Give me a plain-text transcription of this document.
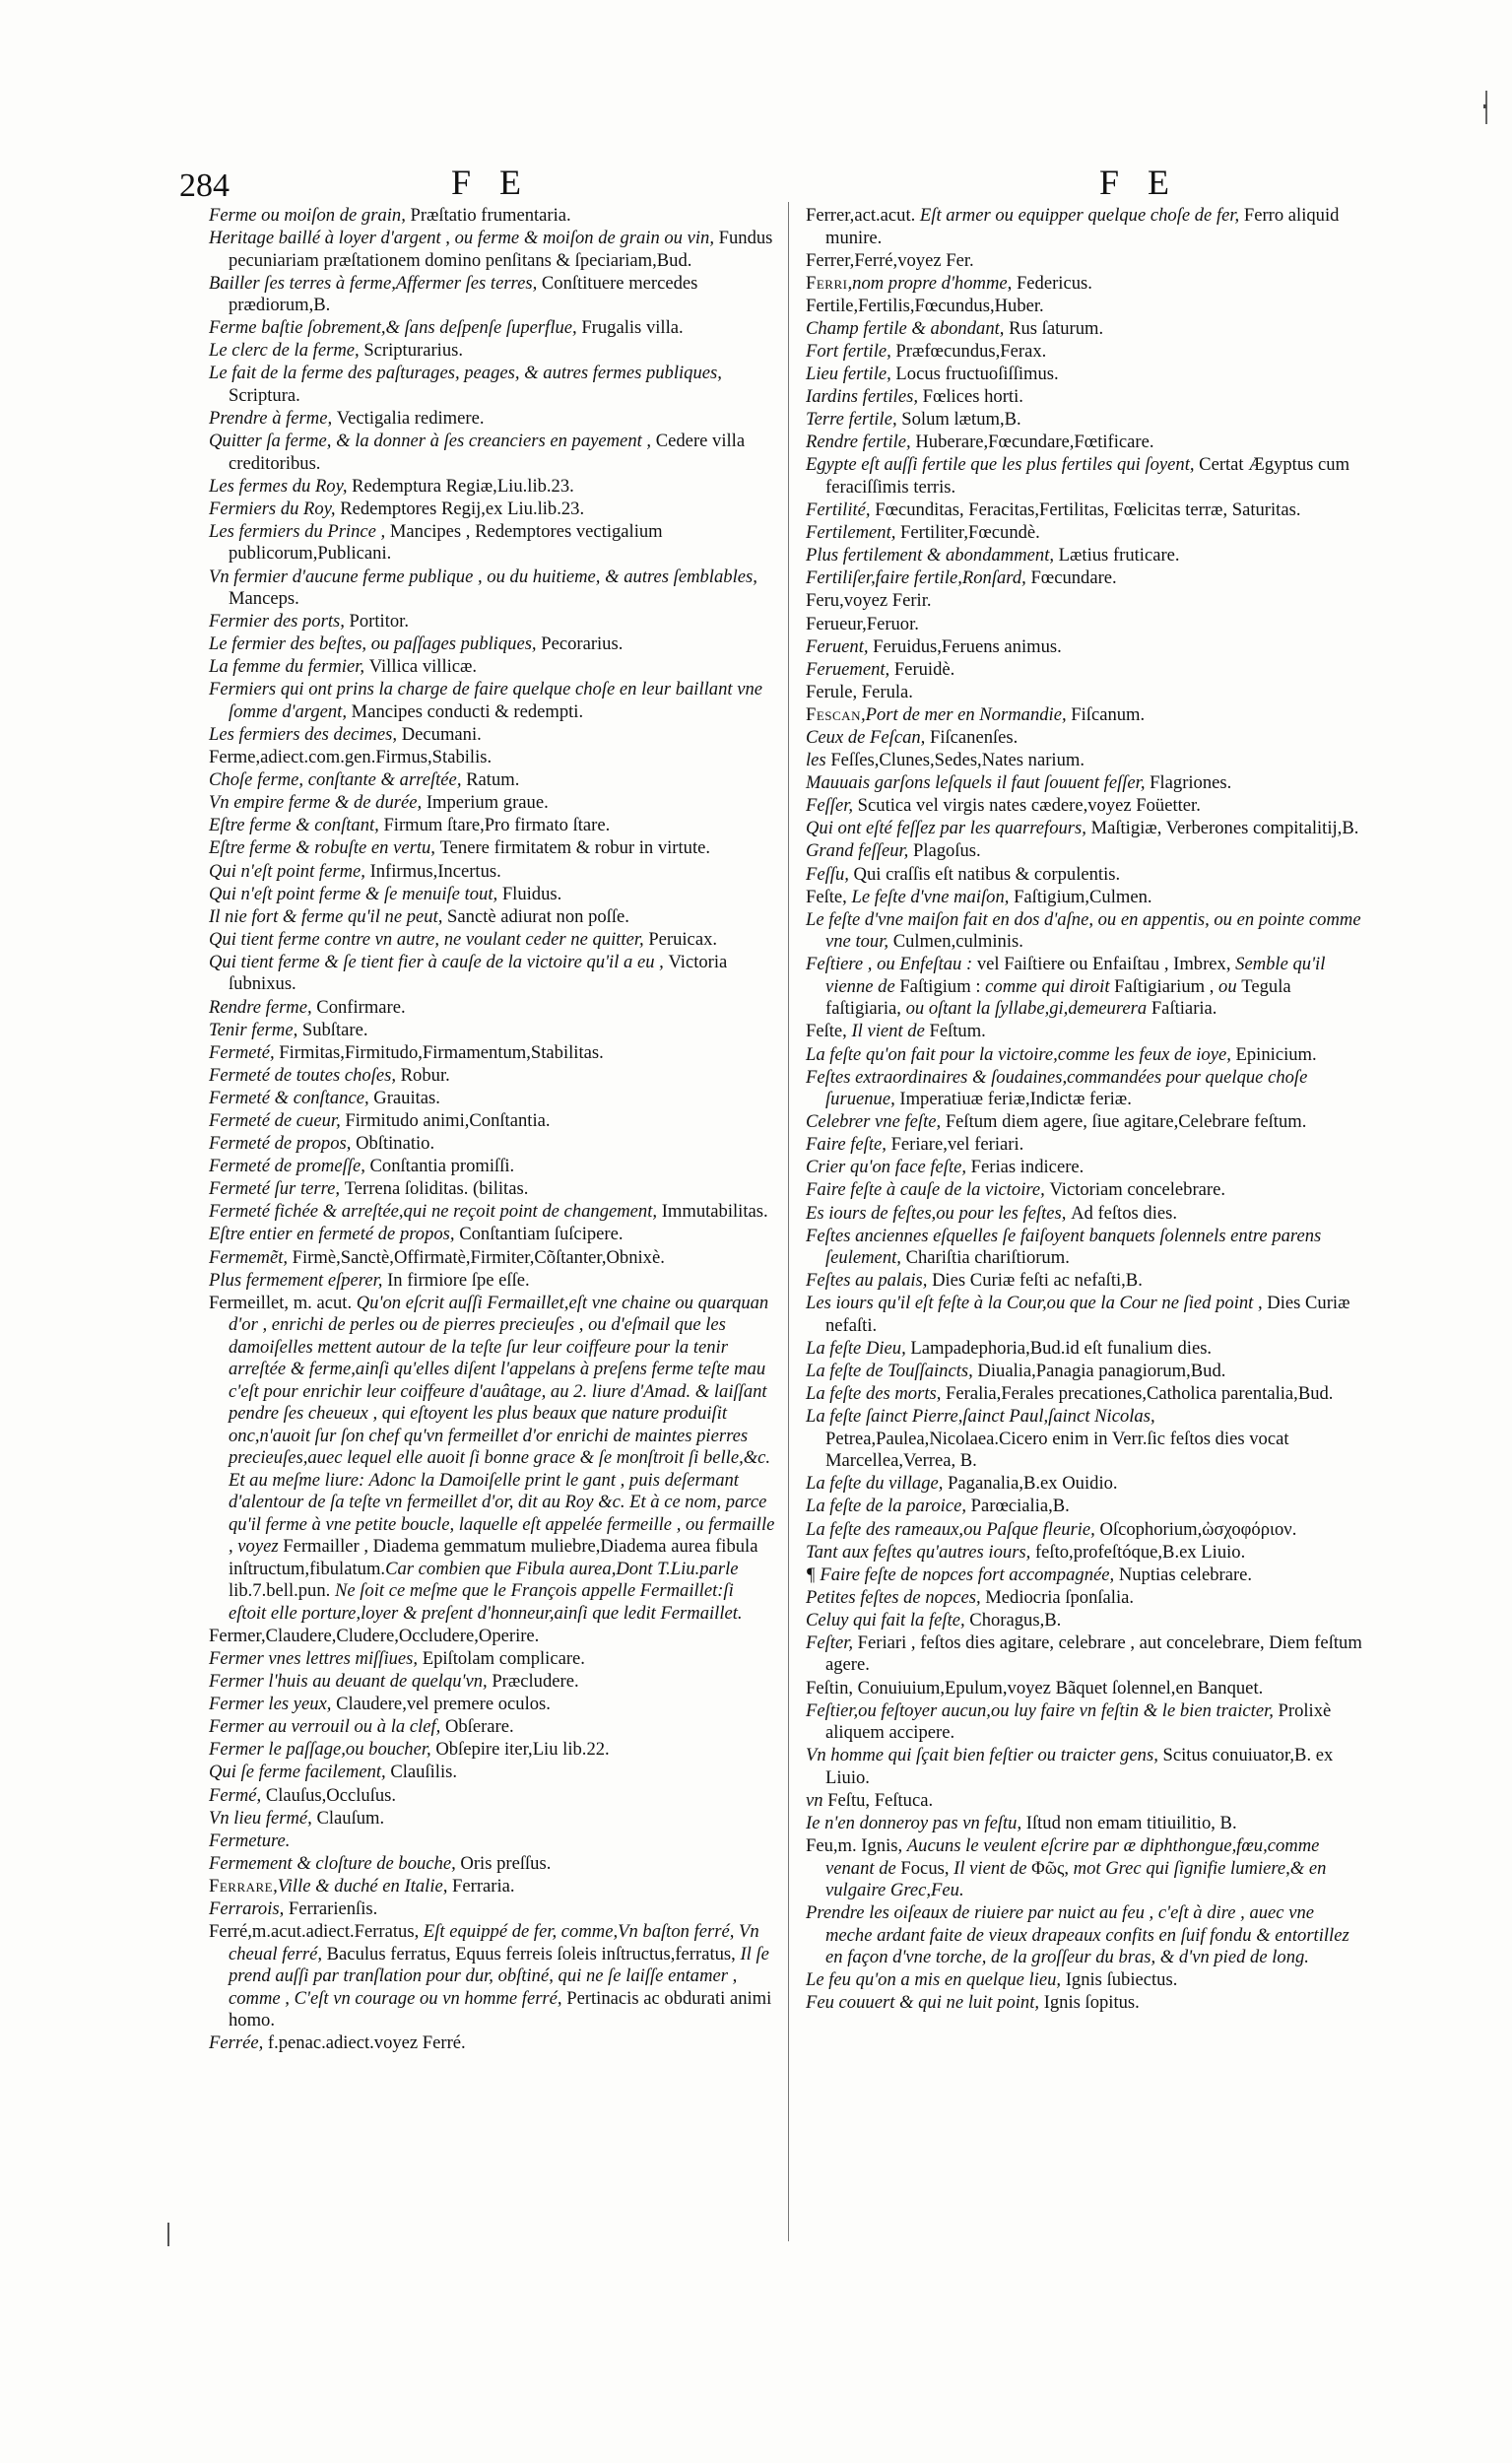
284	F E	F E
Ferme ou moiſon de grain, Præſtatio frumentaria.
Heritage baillé à loyer d'argent , ou ferme & moiſon de grain ou vin, Fundus pecuniariam præſtationem domino penſitans & ſpeciariam,Bud.
Bailler ſes terres à ferme,Affermer ſes terres, Conſtituere mercedes prædiorum,B.
Ferme baſtie ſobrement,& ſans deſpenſe ſuperflue, Frugalis villa.
Le clerc de la ferme, Scripturarius.
Le fait de la ferme des paſturages, peages, & autres fermes publiques, Scriptura.
Prendre à ferme, Vectigalia redimere.
Quitter ſa ferme, & la donner à ſes creanciers en payement , Cedere villa creditoribus.
Les fermes du Roy, Redemptura Regiæ,Liu.lib.23.
Fermiers du Roy, Redemptores Regij,ex Liu.lib.23.
Les fermiers du Prince , Mancipes , Redemptores vectigalium publicorum,Publicani.
Vn fermier d'aucune ferme publique , ou du huitieme, & autres ſemblables, Manceps.
Fermier des ports, Portitor.
Le fermier des beſtes, ou paſſages publiques, Pecorarius.
La femme du fermier, Villica villicæ.
Fermiers qui ont prins la charge de faire quelque choſe en leur baillant vne ſomme d'argent, Mancipes conducti & redempti.
Les fermiers des decimes, Decumani.
Ferme,adiect.com.gen.Firmus,Stabilis.
Choſe ferme, conſtante & arreſtée, Ratum.
Vn empire ferme & de durée, Imperium graue.
Eſtre ferme & conſtant, Firmum ſtare,Pro firmato ſtare.
Eſtre ferme & robuſte en vertu, Tenere firmitatem & robur in virtute.
Qui n'eſt point ferme, Infirmus,Incertus.
Qui n'eſt point ferme & ſe menuiſe tout, Fluidus.
Il nie fort & ferme qu'il ne peut, Sanctè adiurat non poſſe.
Qui tient ferme contre vn autre, ne voulant ceder ne quitter, Peruicax.
Qui tient ferme & ſe tient fier à cauſe de la victoire qu'il a eu , Victoria ſubnixus.
Rendre ferme, Confirmare.
Tenir ferme, Subſtare.
Fermeté, Firmitas,Firmitudo,Firmamentum,Stabilitas.
Fermeté de toutes choſes, Robur.
Fermeté & conſtance, Grauitas.
Fermeté de cueur, Firmitudo animi,Conſtantia.
Fermeté de propos, Obſtinatio.
Fermeté de promeſſe, Conſtantia promiſſi.
Fermeté ſur terre, Terrena ſoliditas. (bilitas.
Fermeté fichée & arreſtée,qui ne reçoit point de changement, Immutabilitas.
Eſtre entier en fermeté de propos, Conſtantiam ſuſcipere.
Fermemẽt, Firmè,Sanctè,Offirmatè,Firmiter,Cõſtanter,Obnixè.
Plus fermement eſperer, In firmiore ſpe eſſe.
Fermeillet, m. acut. Qu'on eſcrit auſſi Fermaillet,eſt vne chaine ou quarquan d'or , enrichi de perles ou de pierres precieuſes , ou d'eſmail que les damoiſelles mettent autour de la teſte ſur leur coiffeure pour la tenir arreſtée & ferme,ainſi qu'elles diſent l'appelans à preſens ferme teſte mau c'eſt pour enrichir leur coiffeure d'auâtage, au 2. liure d'Amad. & laiſſant pendre ſes cheueux , qui eſtoyent les plus beaux que nature produiſit onc,n'auoit ſur ſon chef qu'vn fermeillet d'or enrichi de maintes pierres precieuſes,auec lequel elle auoit ſi bonne grace & ſe monſtroit ſi belle,&c. Et au meſme liure: Adonc la Damoiſelle print le gant , puis deſermant d'alentour de ſa teſte vn fermeillet d'or, dit au Roy &c. Et à ce nom, parce qu'il ferme à vne petite boucle, laquelle eſt appelée fermeille , ou fermaille , voyez Fermailler , Diadema gemmatum muliebre,Diadema aurea fibula inſtructum,fibulatum.Car combien que Fibula aurea,Dont T.Liu.parle lib.7.bell.pun. Ne ſoit ce meſme que le François appelle Fermaillet:ſi eſtoit elle porture,loyer & preſent d'honneur,ainſi que ledit Fermaillet.
Fermer,Claudere,Cludere,Occludere,Operire.
Fermer vnes lettres miſſiues, Epiſtolam complicare.
Fermer l'huis au deuant de quelqu'vn, Præcludere.
Fermer les yeux, Claudere,vel premere oculos.
Fermer au verrouil ou à la clef, Obſerare.
Fermer le paſſage,ou boucher, Obſepire iter,Liu lib.22.
Qui ſe ferme facilement, Clauſilis.
Fermé, Clauſus,Occluſus.
Vn lieu fermé, Clauſum.
Fermeture.
Fermement & cloſture de bouche, Oris preſſus.
Ferrare,Ville & duché en Italie, Ferraria.
Ferrarois, Ferrarienſis.
Ferré,m.acut.adiect.Ferratus, Eſt equippé de fer, comme,Vn baſton ferré, Vn cheual ferré, Baculus ferratus, Equus ferreis ſoleis inſtructus,ferratus, Il ſe prend auſſi par tranſlation pour dur, obſtiné, qui ne ſe laiſſe entamer , comme , C'eſt vn courage ou vn homme ferré, Pertinacis ac obdurati animi homo.
Ferrée, f.penac.adiect.voyez Ferré.
Ferrer,act.acut. Eſt armer ou equipper quelque choſe de fer, Ferro aliquid munire.
Ferrer,Ferré,voyez Fer.
Ferri,nom propre d'homme, Federicus.
Fertile,Fertilis,Fœcundus,Huber.
Champ fertile & abondant, Rus ſaturum.
Fort fertile, Præfœcundus,Ferax.
Lieu fertile, Locus fructuoſiſſimus.
Iardins fertiles, Fœlices horti.
Terre fertile, Solum lætum,B.
Rendre fertile, Huberare,Fœcundare,Fœtificare.
Egypte eſt auſſi fertile que les plus fertiles qui ſoyent, Certat Ægyptus cum feraciſſimis terris.
Fertilité, Fœcunditas, Feracitas,Fertilitas, Fœlicitas terræ, Saturitas.
Fertilement, Fertiliter,Fœcundè.
Plus fertilement & abondamment, Lætius fruticare.
Fertiliſer,faire fertile,Ronſard, Fœcundare.
Feru,voyez Ferir.
Ferueur,Feruor.
Feruent, Feruidus,Feruens animus.
Feruement, Feruidè.
Ferule, Ferula.
Fescan,Port de mer en Normandie, Fiſcanum.
Ceux de Feſcan, Fiſcanenſes.
les Feſſes,Clunes,Sedes,Nates narium.
Mauuais garſons leſquels il faut ſouuent feſſer, Flagriones.
Feſſer, Scutica vel virgis nates cædere,voyez Foüetter.
Qui ont eſté feſſez par les quarrefours, Maſtigiæ, Verberones compitalitij,B.
Grand feſſeur, Plagoſus.
Feſſu, Qui craſſis eſt natibus & corpulentis.
Feſte, Le feſte d'vne maiſon, Faſtigium,Culmen.
Le feſte d'vne maiſon fait en dos d'aſne, ou en appentis, ou en pointe comme vne tour, Culmen,culminis.
Feſtiere , ou Enfeſtau : vel Faiſtiere ou Enfaiſtau , Imbrex, Semble qu'il vienne de Faſtigium : comme qui diroit Faſtigiarium , ou Tegula faſtigiaria, ou oſtant la ſyllabe,gi,demeurera Faſtiaria.
Feſte, Il vient de Feſtum.
La feſte qu'on fait pour la victoire,comme les feux de ioye, Epinicium.
Feſtes extraordinaires & ſoudaines,commandées pour quelque choſe ſuruenue, Imperatiuæ feriæ,Indictæ feriæ.
Celebrer vne feſte, Feſtum diem agere, ſiue agitare,Celebrare feſtum.
Faire feſte, Feriare,vel feriari.
Crier qu'on face feſte, Ferias indicere.
Faire feſte à cauſe de la victoire, Victoriam concelebrare.
Es iours de feſtes,ou pour les feſtes, Ad feſtos dies.
Feſtes anciennes eſquelles ſe faiſoyent banquets ſolennels entre parens ſeulement, Chariſtia chariſtiorum.
Feſtes au palais, Dies Curiæ feſti ac nefaſti,B.
Les iours qu'il eſt feſte à la Cour,ou que la Cour ne ſied point , Dies Curiæ nefaſti.
La feſte Dieu, Lampadephoria,Bud.id eſt funalium dies.
La feſte de Touſſaincts, Diualia,Panagia panagiorum,Bud.
La feſte des morts, Feralia,Ferales precationes,Catholica parentalia,Bud.
La feſte ſainct Pierre,ſainct Paul,ſainct Nicolas, Petrea,Paulea,Nicolaea.Cicero enim in Verr.ſic feſtos dies vocat Marcellea,Verrea, B.
La feſte du village, Paganalia,B.ex Ouidio.
La feſte de la paroice, Parœcialia,B.
La feſte des rameaux,ou Paſque fleurie, Oſcophorium,ὠσχοφόριον.
Tant aux feſtes qu'autres iours, feſto,profeſtóque,B.ex Liuio.
¶ Faire feſte de nopces fort accompagnée, Nuptias celebrare.
Petites feſtes de nopces, Mediocria ſponſalia.
Celuy qui fait la feſte, Choragus,B.
Feſter, Feriari , feſtos dies agitare, celebrare , aut concelebrare, Diem feſtum agere.
Feſtin, Conuiuium,Epulum,voyez Bãquet ſolennel,en Banquet.
Feſtier,ou feſtoyer aucun,ou luy faire vn feſtin & le bien traicter, Prolixè aliquem accipere.
Vn homme qui ſçait bien feſtier ou traicter gens, Scitus conuiuator,B. ex Liuio.
vn Feſtu, Feſtuca.
Ie n'en donneroy pas vn feſtu, Iſtud non emam titiuilitio, B.
Feu,m. Ignis, Aucuns le veulent eſcrire par æ diphthongue,fœu,comme venant de Focus, Il vient de Φῶς, mot Grec qui ſignifie lumiere,& en vulgaire Grec,Feu.
Prendre les oiſeaux de riuiere par nuict au feu , c'eſt à dire , auec vne meche ardant faite de vieux drapeaux confits en ſuif fondu & entortillez en façon d'vne torche, de la groſſeur du bras, & d'vn pied de long.
Le feu qu'on a mis en quelque lieu, Ignis ſubiectus.
Feu couuert & qui ne luit point, Ignis ſopitus.
